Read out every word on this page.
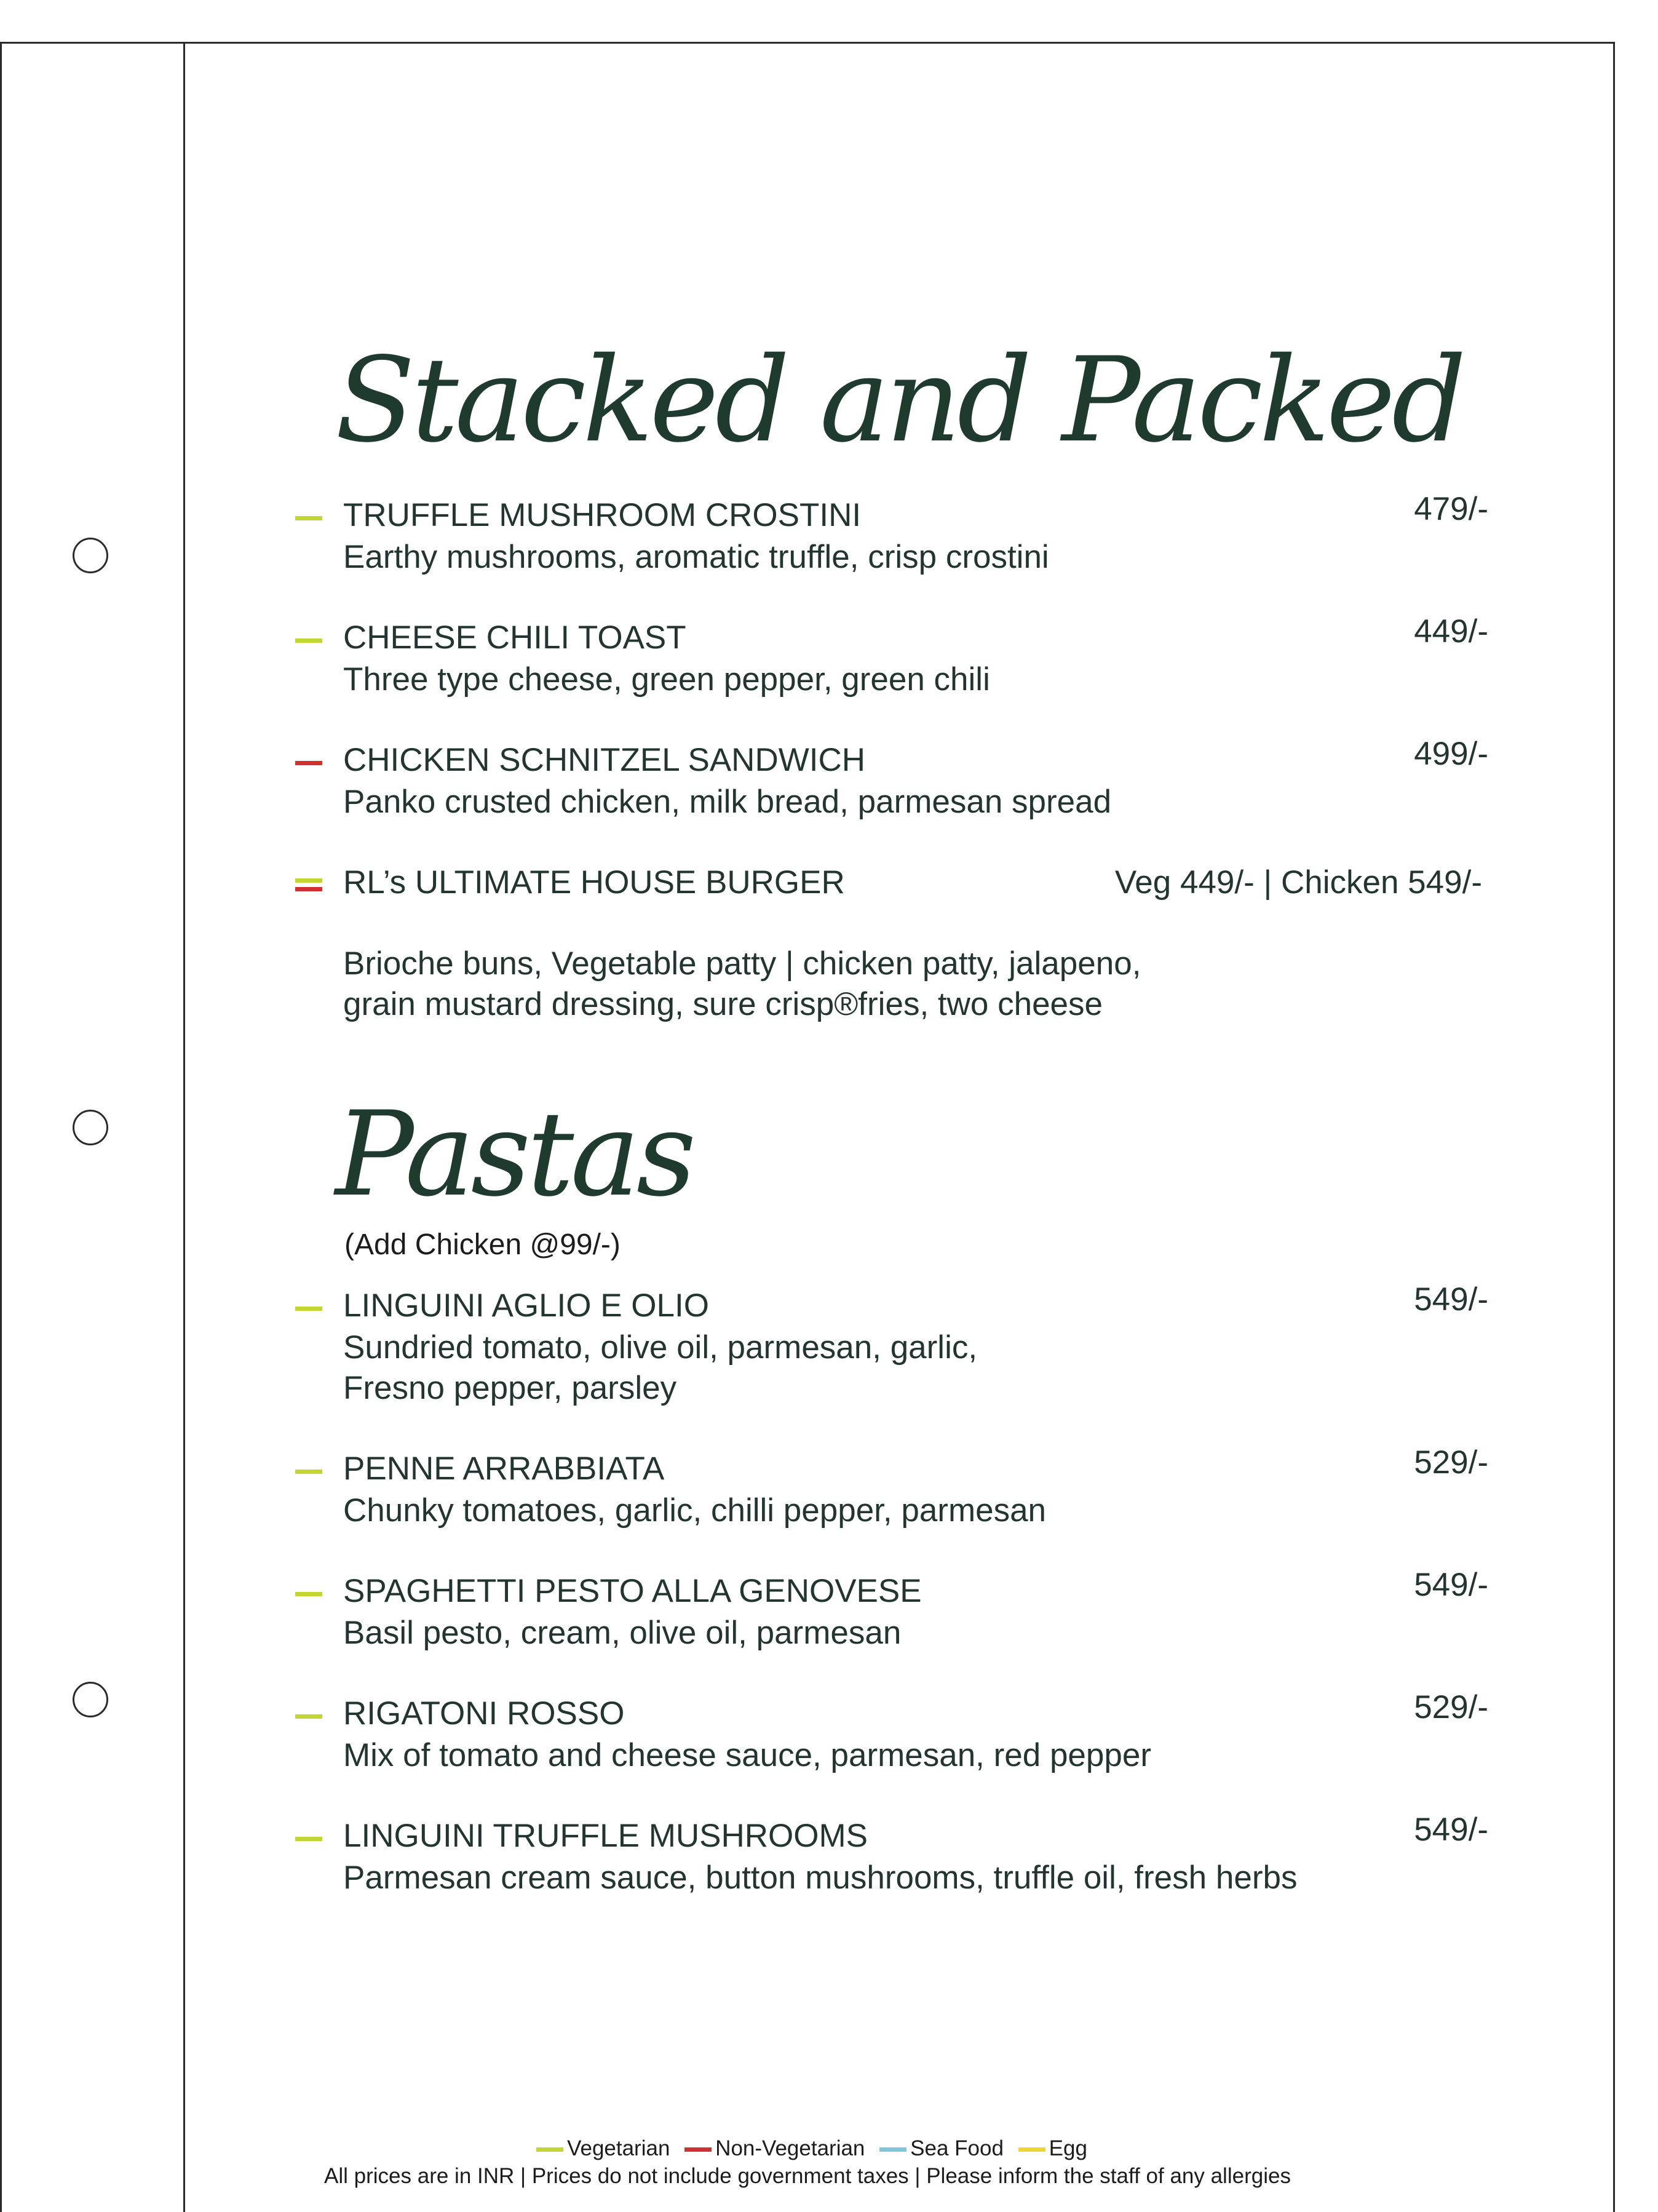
Stacked and Packed
TRUFFLE MUSHROOM CROSTINI
Earthy mushrooms, aromatic truffle, crisp crostini
479/-
CHEESE CHILI TOAST
Three type cheese, green pepper, green chili
449/-
CHICKEN SCHNITZEL SANDWICH
Panko crusted chicken, milk bread, parmesan spread
499/-
RL’s ULTIMATE HOUSE BURGER
Brioche buns, Vegetable patty | chicken patty, jalapeno,
grain mustard dressing, sure crisp®fries, two cheese
Veg 449/- | Chicken 549/-
Pastas
(Add Chicken @99/-)
LINGUINI AGLIO E OLIO
Sundried tomato, olive oil, parmesan, garlic,
Fresno pepper, parsley
549/-
PENNE ARRABBIATA
Chunky tomatoes, garlic, chilli pepper, parmesan
529/-
SPAGHETTI PESTO ALLA GENOVESE
Basil pesto, cream, olive oil, parmesan
549/-
RIGATONI ROSSO
Mix of tomato and cheese sauce, parmesan, red pepper
529/-
LINGUINI TRUFFLE MUSHROOMS
Parmesan cream sauce, button mushrooms, truffle oil, fresh herbs
549/-
Vegetarian Non-Vegetarian Sea Food Egg
All prices are in INR | Prices do not include government taxes | Please inform the staff of any allergies
